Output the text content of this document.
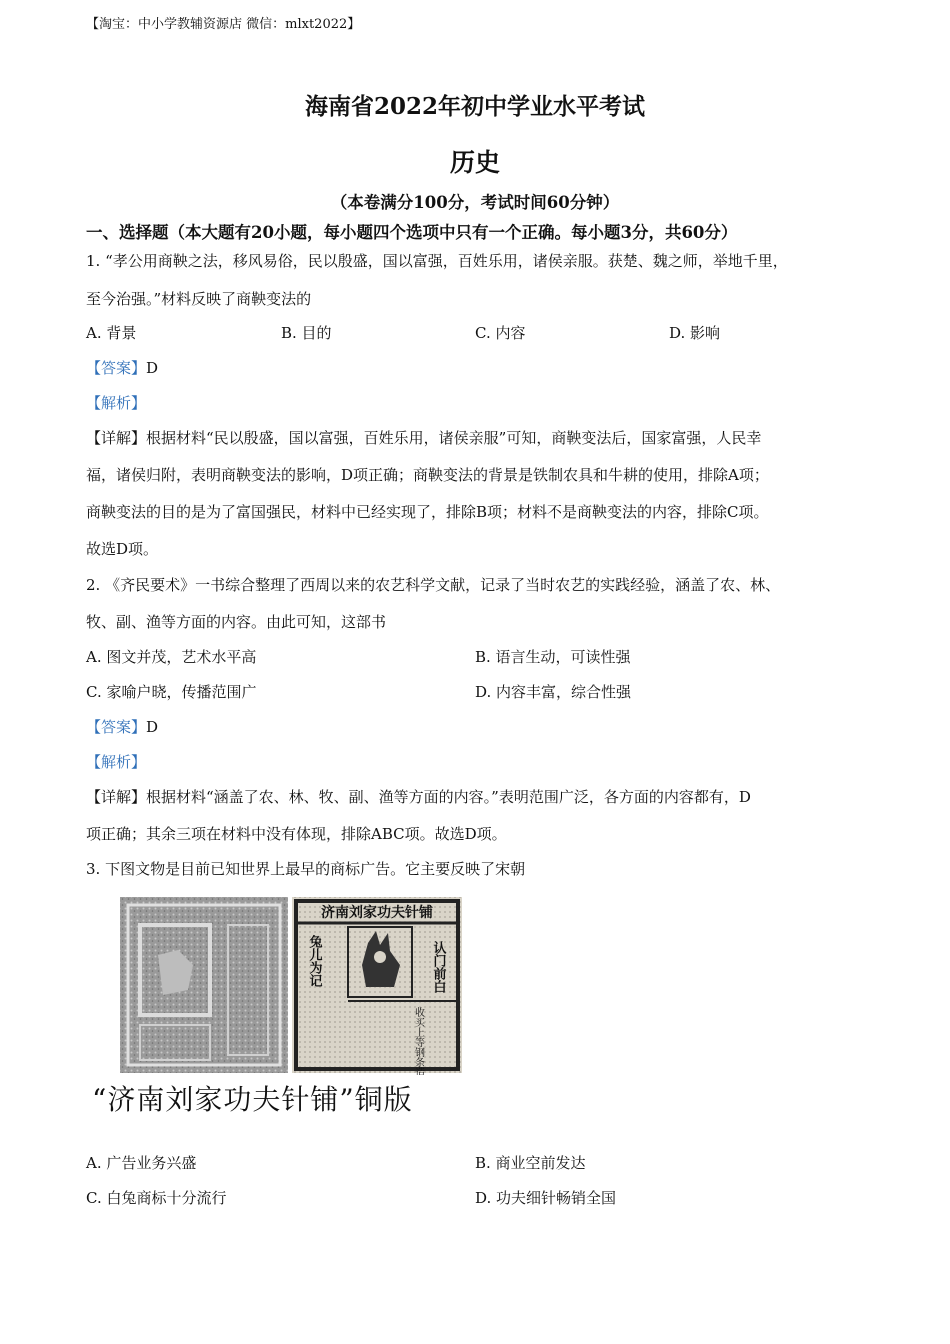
【淘宝：中小学教辅资源店 微信：mlxt2022】
海南省2022年初中学业水平考试
历史
（本卷满分100分，考试时间60分钟）
一、选择题（本大题有20小题，每小题四个选项中只有一个正确。每小题3分，共60分）
1. “孝公用商鞅之法，移风易俗，民以殷盛，国以富强，百姓乐用，诸侯亲服。获楚、魏之师，举地千里，
至今治强。”材料反映了商鞅变法的
A. 背景	B. 目的	C. 内容	D. 影响
【答案】D
【解析】
【详解】根据材料“民以殷盛，国以富强，百姓乐用，诸侯亲服”可知，商鞅变法后，国家富强，人民幸
福，诸侯归附，表明商鞅变法的影响，D项正确；商鞅变法的背景是铁制农具和牛耕的使用，排除A项；
商鞅变法的目的是为了富国强民，材料中已经实现了，排除B项；材料不是商鞅变法的内容，排除C项。
故选D项。
2. 《齐民要术》一书综合整理了西周以来的农艺科学文献，记录了当时农艺的实践经验，涵盖了农、林、
牧、副、渔等方面的内容。由此可知，这部书
A. 图文并茂，艺术水平高	B. 语言生动，可读性强
C. 家喻户晓，传播范围广	D. 内容丰富，综合性强
【答案】D
【解析】
【详解】根据材料“涵盖了农、林、牧、副、渔等方面的内容。”表明范围广泛，各方面的内容都有，D
项正确；其余三项在材料中没有体现，排除ABC项。故选D项。
3. 下图文物是目前已知世界上最早的商标广告。它主要反映了宋朝
济南刘家功夫针铺
认门前白
兔儿为记
收买上等钢条造功夫细针
“济南刘家功夫针铺”铜版
A. 广告业务兴盛	B. 商业空前发达
C. 白兔商标十分流行	D. 功夫细针畅销全国
